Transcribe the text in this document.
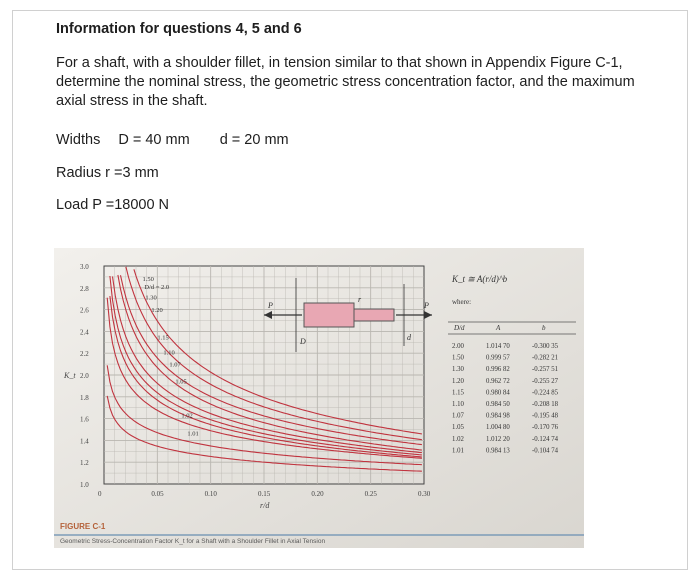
Information for questions 4, 5 and 6
For a shaft, with a shoulder fillet, in tension similar to that shown in Appendix Figure C-1, determine the nominal stress, the geometric stress concentration factor, and the maximum axial stress in the shaft.
Widths D = 40 mm d = 20 mm
Radius r =3 mm
Load P =18000 N
D/d = 2.0
1.50
1.30
1.20
1.15
1.10
1.07
1.05
1.02
1.01
3.0
2.8
2.6
2.4
2.2
2.0
1.8
1.6
1.4
1.2
1.0
0	0.05	0.10	0.15	0.20	0.25	0.30
K_t
r/d
P	P
D	d
r
K_t ≅ A(r/d)^b
where:
D/d	A	b
2.00	1.014 70	-0.300 35
1.50	0.999 57	-0.282 21
1.30	0.996 82	-0.257 51
1.20	0.962 72	-0.255 27
1.15	0.980 84	-0.224 85
1.10	0.984 50	-0.208 18
1.07	0.984 98	-0.195 48
1.05	1.004 80	-0.170 76
1.02	1.012 20	-0.124 74
1.01	0.984 13	-0.104 74
FIGURE C-1
Geometric Stress-Concentration Factor K_t for a Shaft with a Shoulder Fillet in Axial Tension
